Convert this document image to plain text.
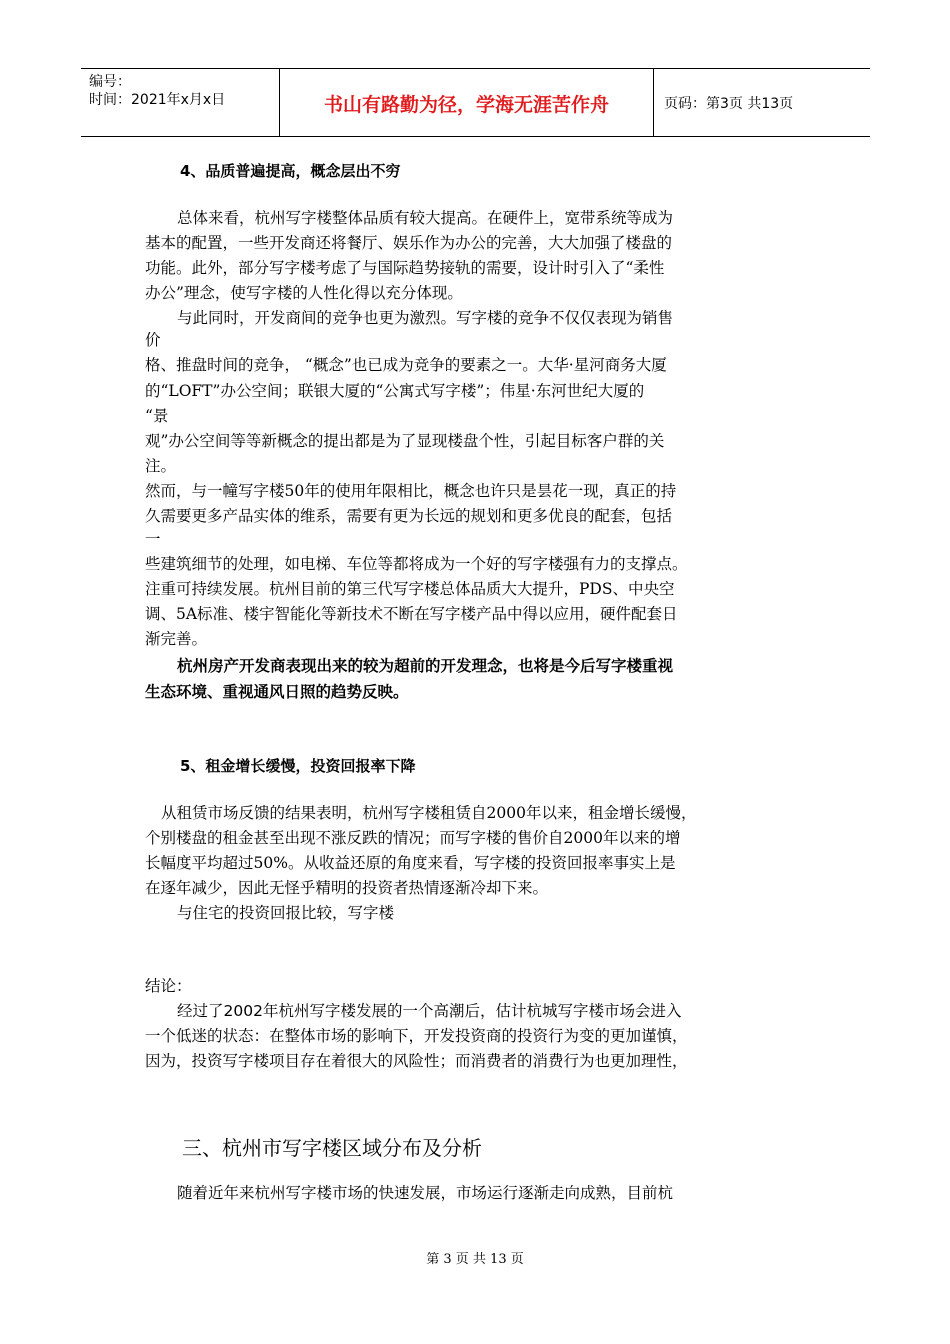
编号：
时间：2021年x月x日	书山有路勤为径，学海无涯苦作舟	页码：第3页 共13页

4、品质普遍提高，概念层出不穷

总体来看，杭州写字楼整体品质有较大提高。在硬件上，宽带系统等成为

基本的配置，一些开发商还将餐厅、娱乐作为办公的完善，大大加强了楼盘的

功能。此外，部分写字楼考虑了与国际趋势接轨的需要，设计时引入了“柔性

办公”理念，使写字楼的人性化得以充分体现。

与此同时，开发商间的竞争也更为激烈。写字楼的竞争不仅仅表现为销售

价

格、推盘时间的竞争， “概念”也已成为竞争的要素之一。大华·星河商务大厦

的“LOFT”办公空间；联银大厦的“公寓式写字楼”；伟星·东河世纪大厦的

“景

观”办公空间等等新概念的提出都是为了显现楼盘个性，引起目标客户群的关

注。

然而，与一幢写字楼50年的使用年限相比，概念也许只是昙花一现，真正的持

久需要更多产品实体的维系，需要有更为长远的规划和更多优良的配套，包括

一

些建筑细节的处理，如电梯、车位等都将成为一个好的写字楼强有力的支撑点。

注重可持续发展。杭州目前的第三代写字楼总体品质大大提升，PDS、中央空

调、5A标准、楼宇智能化等新技术不断在写字楼产品中得以应用，硬件配套日

渐完善。

杭州房产开发商表现出来的较为超前的开发理念，也将是今后写字楼重视

生态环境、重视通风日照的趋势反映。

5、租金增长缓慢，投资回报率下降

从租赁市场反馈的结果表明，杭州写字楼租赁自2000年以来，租金增长缓慢，

个别楼盘的租金甚至出现不涨反跌的情况；而写字楼的售价自2000年以来的增

长幅度平均超过50%。从收益还原的角度来看，写字楼的投资回报率事实上是

在逐年减少，因此无怪乎精明的投资者热情逐渐冷却下来。

与住宅的投资回报比较，写字楼

结论：

经过了2002年杭州写字楼发展的一个高潮后，估计杭城写字楼市场会进入

一个低迷的状态：在整体市场的影响下，开发投资商的投资行为变的更加谨慎，

因为，投资写字楼项目存在着很大的风险性；而消费者的消费行为也更加理性，

三、杭州市写字楼区域分布及分析

随着近年来杭州写字楼市场的快速发展，市场运行逐渐走向成熟，目前杭

第 3 页 共 13 页
